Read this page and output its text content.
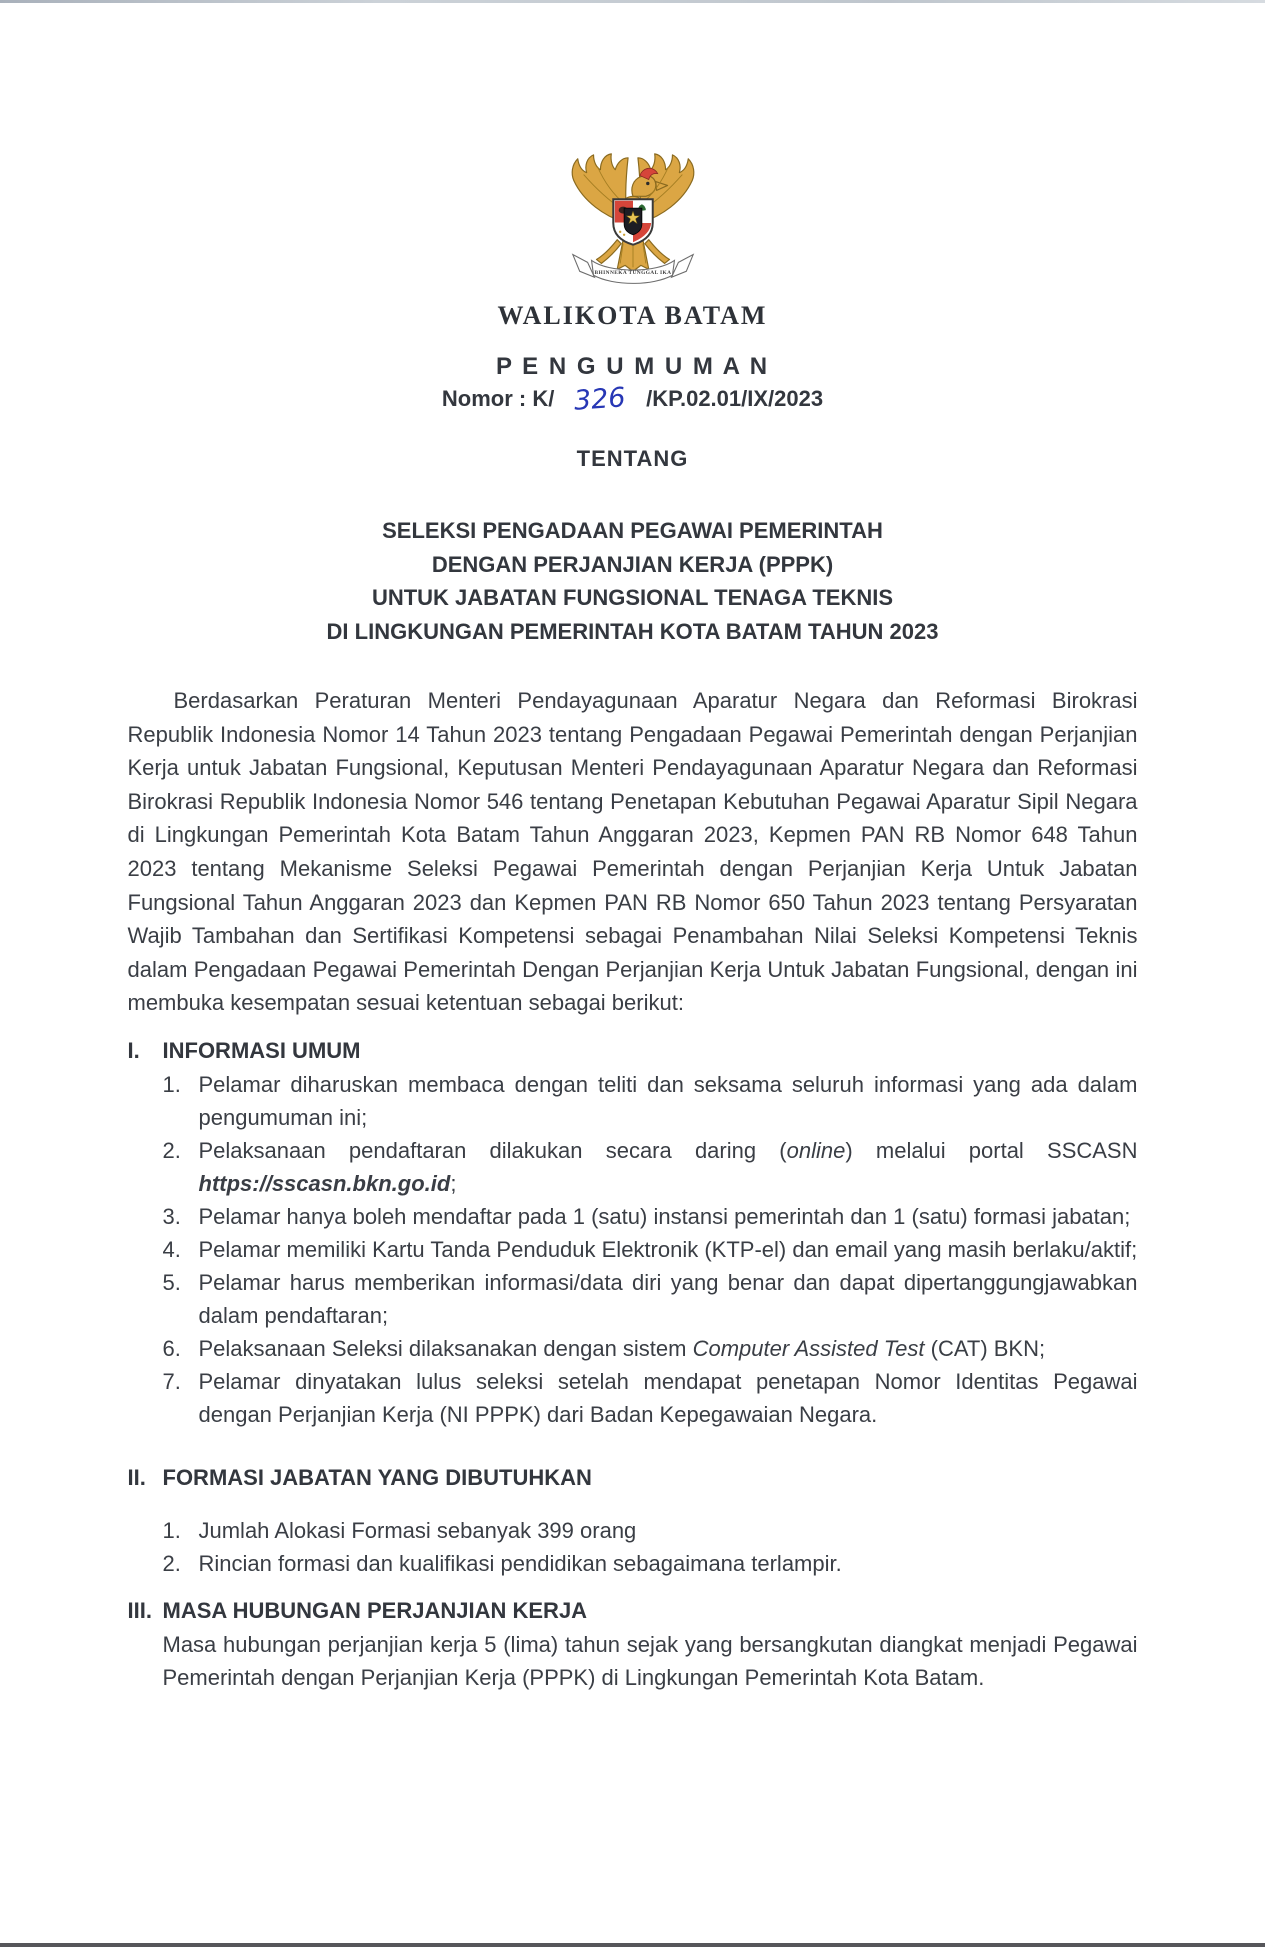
BHINNEKA TUNGGAL IKA
WALIKOTA BATAM
P E N G U M U M A N
Nomor : K/ 326 /KP.02.01/IX/2023
TENTANG
SELEKSI PENGADAAN PEGAWAI PEMERINTAH
DENGAN PERJANJIAN KERJA (PPPK)
UNTUK JABATAN FUNGSIONAL TENAGA TEKNIS
DI LINGKUNGAN PEMERINTAH KOTA BATAM TAHUN 2023

Berdasarkan Peraturan Menteri Pendayagunaan Aparatur Negara dan Reformasi Birokrasi Republik Indonesia Nomor 14 Tahun 2023 tentang Pengadaan Pegawai Pemerintah dengan Perjanjian Kerja untuk Jabatan Fungsional, Keputusan Menteri Pendayagunaan Aparatur Negara dan Reformasi Birokrasi Republik Indonesia Nomor 546 tentang Penetapan Kebutuhan Pegawai Aparatur Sipil Negara di Lingkungan Pemerintah Kota Batam Tahun Anggaran 2023, Kepmen PAN RB Nomor 648 Tahun 2023 tentang Mekanisme Seleksi Pegawai Pemerintah dengan Perjanjian Kerja Untuk Jabatan Fungsional Tahun Anggaran 2023 dan Kepmen PAN RB Nomor 650 Tahun 2023 tentang Persyaratan Wajib Tambahan dan Sertifikasi Kompetensi sebagai Penambahan Nilai Seleksi Kompetensi Teknis dalam Pengadaan Pegawai Pemerintah Dengan Perjanjian Kerja Untuk Jabatan Fungsional, dengan ini membuka kesempatan sesuai ketentuan sebagai berikut:

I.	INFORMASI UMUM
1. Pelamar diharuskan membaca dengan teliti dan seksama seluruh informasi yang ada dalam pengumuman ini;
2. Pelaksanaan pendaftaran dilakukan secara daring (online) melalui portal SSCASN https://sscasn.bkn.go.id;
3. Pelamar hanya boleh mendaftar pada 1 (satu) instansi pemerintah dan 1 (satu) formasi jabatan;
4. Pelamar memiliki Kartu Tanda Penduduk Elektronik (KTP-el) dan email yang masih berlaku/aktif;
5. Pelamar harus memberikan informasi/data diri yang benar dan dapat dipertanggungjawabkan dalam pendaftaran;
6. Pelaksanaan Seleksi dilaksanakan dengan sistem Computer Assisted Test (CAT) BKN;
7. Pelamar dinyatakan lulus seleksi setelah mendapat penetapan Nomor Identitas Pegawai dengan Perjanjian Kerja (NI PPPK) dari Badan Kepegawaian Negara.
II. FORMASI JABATAN YANG DIBUTUHKAN
1. Jumlah Alokasi Formasi sebanyak 399 orang
2. Rincian formasi dan kualifikasi pendidikan sebagaimana terlampir.
III. MASA HUBUNGAN PERJANJIAN KERJA
Masa hubungan perjanjian kerja 5 (lima) tahun sejak yang bersangkutan diangkat menjadi Pegawai Pemerintah dengan Perjanjian Kerja (PPPK) di Lingkungan Pemerintah Kota Batam.
